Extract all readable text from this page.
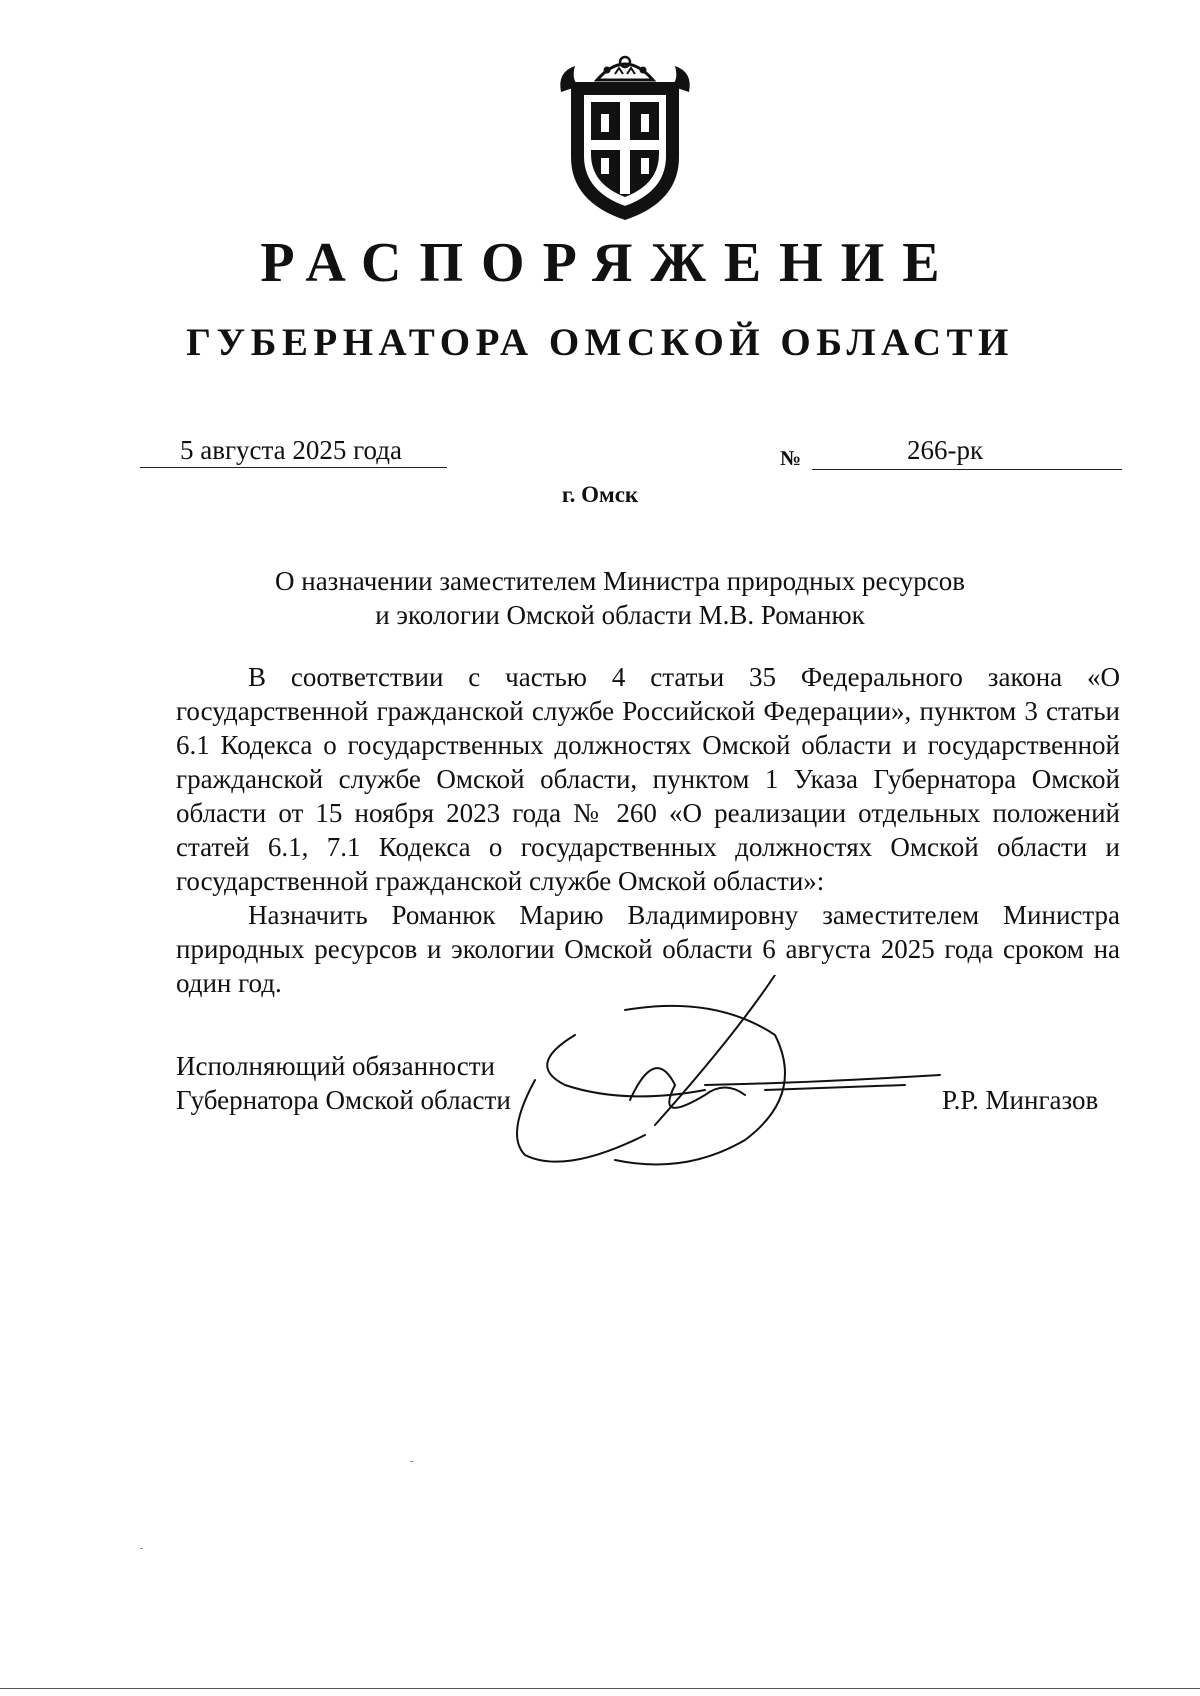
РАСПОРЯЖЕНИЕ
ГУБЕРНАТОРА ОМСКОЙ ОБЛАСТИ
5 августа 2025 года	№	266-рк
г. Омск
О назначении заместителем Министра природных ресурсов
и экологии Омской области М.В. Романюк

В соответствии с частью 4 статьи 35 Федерального закона «О государственной гражданской службе Российской Федерации», пунктом 3 статьи 6.1 Кодекса о государственных должностях Омской области и государственной гражданской службе Омской области, пунктом 1 Указа Губернатора Омской области от 15 ноября 2023 года № 260 «О реализации отдельных положений статей 6.1, 7.1 Кодекса о государственных должностях Омской области и государственной гражданской службе Омской области»:

Назначить Романюк Марию Владимировну заместителем Министра природных ресурсов и экологии Омской области 6 августа 2025 года сроком на один год.

Исполняющий обязанности
Губернатора Омской области	Р.Р. Мингазов
